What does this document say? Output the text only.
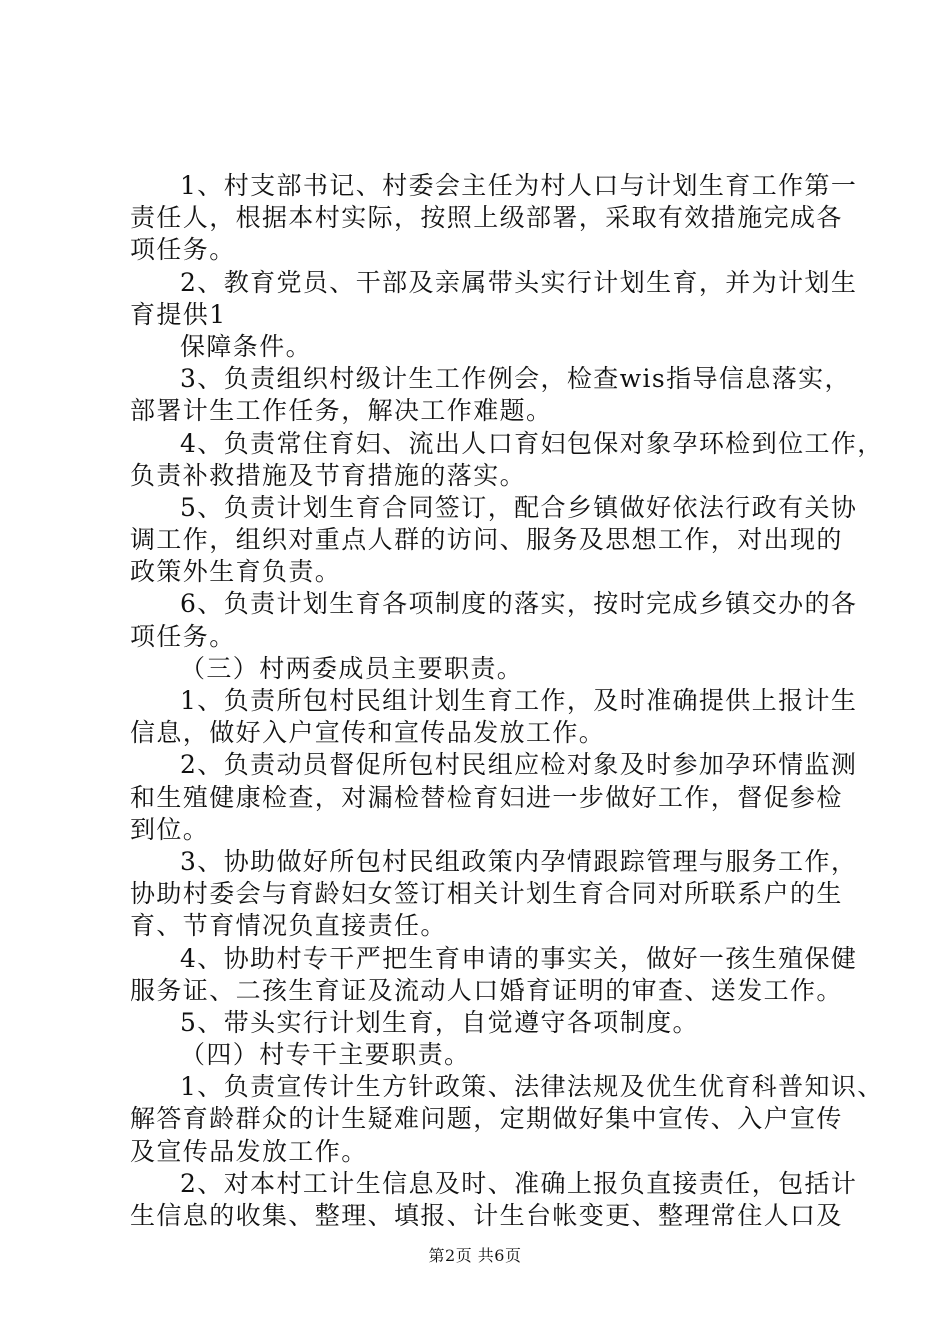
1、村支部书记、村委会主任为村人口与计划生育工作第一
责任人，根据本村实际，按照上级部署，采取有效措施完成各
项任务。
2、教育党员、干部及亲属带头实行计划生育，并为计划生
育提供1
保障条件。
3、负责组织村级计生工作例会，检查wis指导信息落实，
部署计生工作任务，解决工作难题。
4、负责常住育妇、流出人口育妇包保对象孕环检到位工作，
负责补救措施及节育措施的落实。
5、负责计划生育合同签订，配合乡镇做好依法行政有关协
调工作，组织对重点人群的访问、服务及思想工作，对出现的
政策外生育负责。
6、负责计划生育各项制度的落实，按时完成乡镇交办的各
项任务。
（三）村两委成员主要职责。
1、负责所包村民组计划生育工作，及时准确提供上报计生
信息，做好入户宣传和宣传品发放工作。
2、负责动员督促所包村民组应检对象及时参加孕环情监测
和生殖健康检查，对漏检替检育妇进一步做好工作，督促参检
到位。
3、协助做好所包村民组政策内孕情跟踪管理与服务工作，
协助村委会与育龄妇女签订相关计划生育合同对所联系户的生
育、节育情况负直接责任。
4、协助村专干严把生育申请的事实关，做好一孩生殖保健
服务证、二孩生育证及流动人口婚育证明的审查、送发工作。
5、带头实行计划生育，自觉遵守各项制度。
（四）村专干主要职责。
1、负责宣传计生方针政策、法律法规及优生优育科普知识、
解答育龄群众的计生疑难问题，定期做好集中宣传、入户宣传
及宣传品发放工作。
2、对本村工计生信息及时、准确上报负直接责任，包括计
生信息的收集、整理、填报、计生台帐变更、整理常住人口及
第2页 共6页
